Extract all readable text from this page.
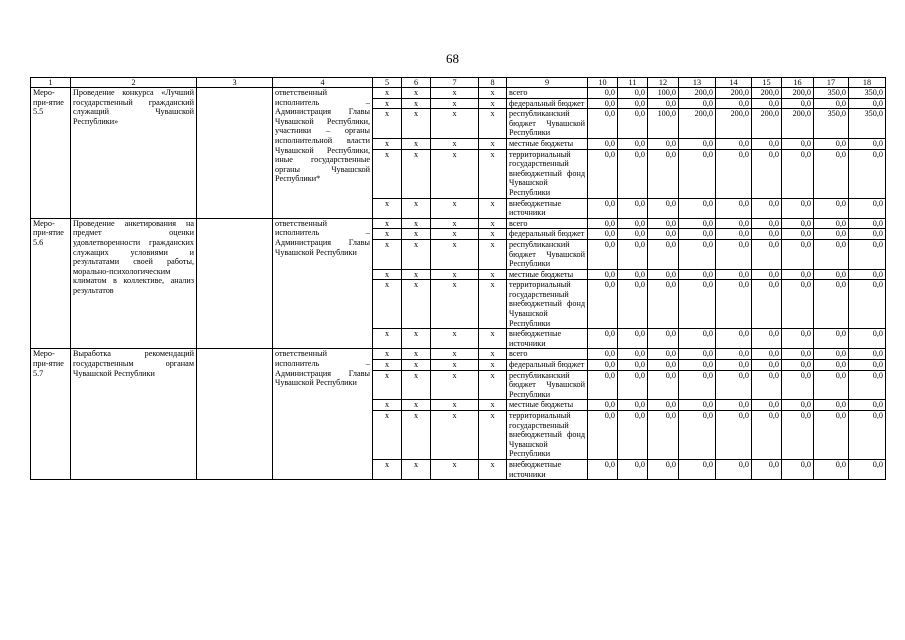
68
1	2	3	4	5	6	7	8	9	10	11	12	13	14	15	16	17	18
Меро-при-ятие 5.5	Проведение конкурса «Лучший государственный гражданский служащий Чувашской Республики»		ответственный исполнитель – Администрация Главы Чувашской Республики, участники – органы исполнительной власти Чувашской Республики, иные государственные органы Чувашской Республики*	x	x	x	x	всего	0,0	0,0	100,0	200,0	200,0	200,0	200,0	350,0	350,0
				x	x	x	x	федеральный бюджет	0,0	0,0	0,0	0,0	0,0	0,0	0,0	0,0	0,0
				x	x	x	x	республиканский бюджет Чувашской Республики	0,0	0,0	100,0	200,0	200,0	200,0	200,0	350,0	350,0
				x	x	x	x	местные бюджеты	0,0	0,0	0,0	0,0	0,0	0,0	0,0	0,0	0,0
				x	x	x	x	территориальный государственный внебюджетный фонд Чувашской Республики	0,0	0,0	0,0	0,0	0,0	0,0	0,0	0,0	0,0
				x	x	x	x	внебюджетные источники	0,0	0,0	0,0	0,0	0,0	0,0	0,0	0,0	0,0
Меро-при-ятие 5.6	Проведение анкетирования на предмет оценки удовлетворенности гражданских служащих условиями и результатами своей работы, морально-психологическим климатом в коллективе, анализ результатов		ответственный исполнитель – Администрация Главы Чувашской Республики	x	x	x	x	всего	0,0	0,0	0,0	0,0	0,0	0,0	0,0	0,0	0,0
				x	x	x	x	федеральный бюджет	0,0	0,0	0,0	0,0	0,0	0,0	0,0	0,0	0,0
				x	x	x	x	республиканский бюджет Чувашской Республики	0,0	0,0	0,0	0,0	0,0	0,0	0,0	0,0	0,0
				x	x	x	x	местные бюджеты	0,0	0,0	0,0	0,0	0,0	0,0	0,0	0,0	0,0
				x	x	x	x	территориальный государственный внебюджетный фонд Чувашской Республики	0,0	0,0	0,0	0,0	0,0	0,0	0,0	0,0	0,0
				x	x	x	x	внебюджетные источники	0,0	0,0	0,0	0,0	0,0	0,0	0,0	0,0	0,0
Меро-при-ятие 5.7	Выработка рекомендаций государственным органам Чувашской Республики		ответственный исполнитель – Администрация Главы Чувашской Республики	x	x	x	x	всего	0,0	0,0	0,0	0,0	0,0	0,0	0,0	0,0	0,0
				x	x	x	x	федеральный бюджет	0,0	0,0	0,0	0,0	0,0	0,0	0,0	0,0	0,0
				x	x	x	x	республиканский бюджет Чувашской Республики	0,0	0,0	0,0	0,0	0,0	0,0	0,0	0,0	0,0
				x	x	x	x	местные бюджеты	0,0	0,0	0,0	0,0	0,0	0,0	0,0	0,0	0,0
				x	x	x	x	территориальный государственный внебюджетный фонд Чувашской Республики	0,0	0,0	0,0	0,0	0,0	0,0	0,0	0,0	0,0
				x	x	x	x	внебюджетные источники	0,0	0,0	0,0	0,0	0,0	0,0	0,0	0,0	0,0
